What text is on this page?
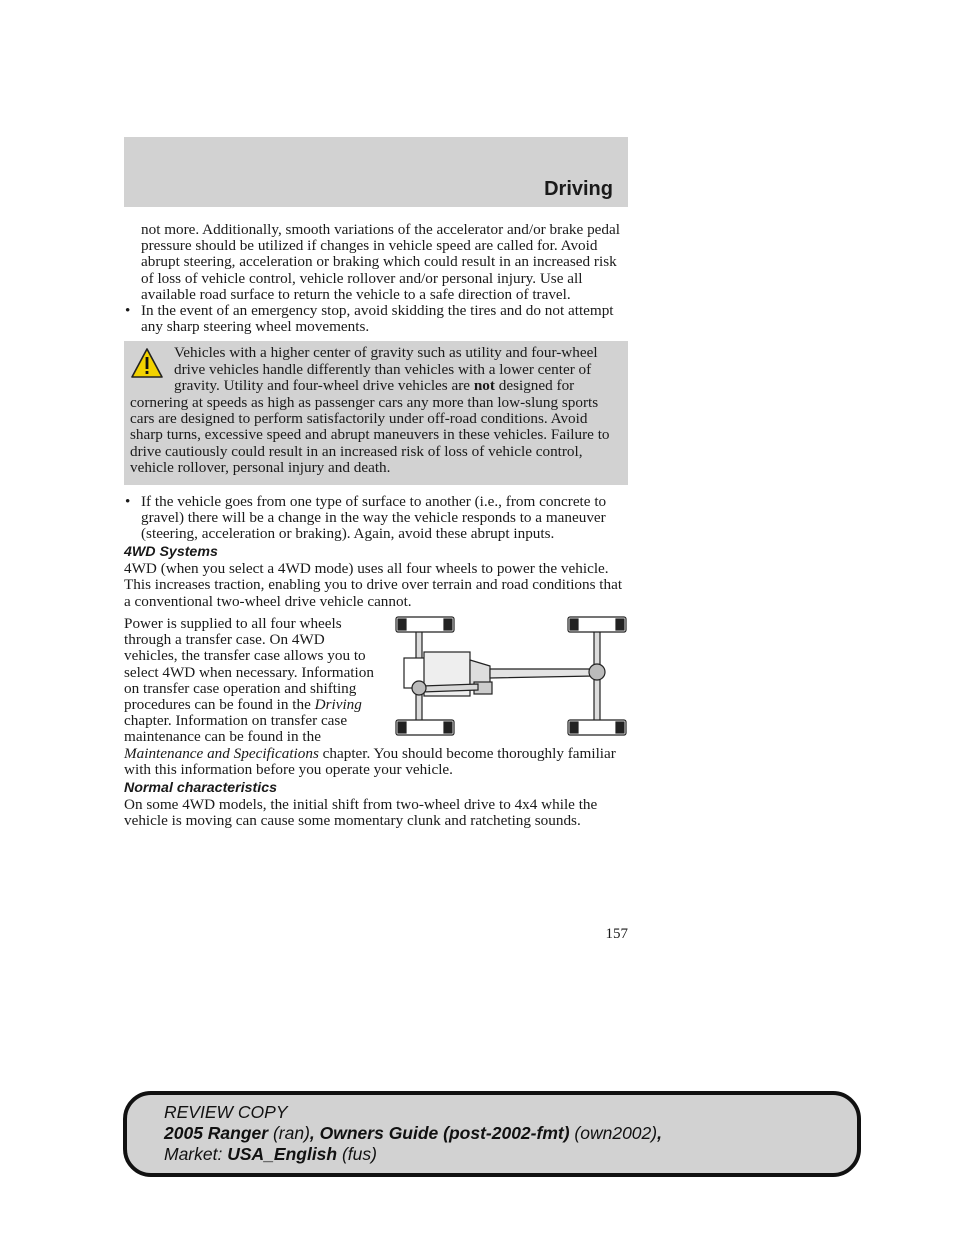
Driving

not more. Additionally, smooth variations of the accelerator and/or brake pedal pressure should be utilized if changes in vehicle speed are called for. Avoid abrupt steering, acceleration or braking which could result in an increased risk of loss of vehicle control, vehicle rollover and/or personal injury. Use all available road surface to return the vehicle to a safe direction of travel.

• In the event of an emergency stop, avoid skidding the tires and do not attempt any sharp steering wheel movements.
Vehicles with a higher center of gravity such as utility and four-wheel drive vehicles handle differently than vehicles with a lower center of gravity. Utility and four-wheel drive vehicles are not designed for cornering at speeds as high as passenger cars any more than low-slung sports cars are designed to perform satisfactorily under off-road conditions. Avoid sharp turns, excessive speed and abrupt maneuvers in these vehicles. Failure to drive cautiously could result in an increased risk of loss of vehicle control, vehicle rollover, personal injury and death.
• If the vehicle goes from one type of surface to another (i.e., from concrete to gravel) there will be a change in the way the vehicle responds to a maneuver (steering, acceleration or braking). Again, avoid these abrupt inputs.
4WD Systems

4WD (when you select a 4WD mode) uses all four wheels to power the vehicle. This increases traction, enabling you to drive over terrain and road conditions that a conventional two-wheel drive vehicle cannot.

Power is supplied to all four wheels through a transfer case. On 4WD vehicles, the transfer case allows you to select 4WD when necessary. Information on transfer case operation and shifting procedures can be found in the Driving chapter. Information on transfer case maintenance can be found in the Maintenance and Specifications chapter. You should become thoroughly familiar with this information before you operate your vehicle.
Normal characteristics

On some 4WD models, the initial shift from two-wheel drive to 4x4 while the vehicle is moving can cause some momentary clunk and ratcheting sounds.

157
REVIEW COPY
2005 Ranger (ran), Owners Guide (post-2002-fmt) (own2002),
Market: USA_English (fus)
